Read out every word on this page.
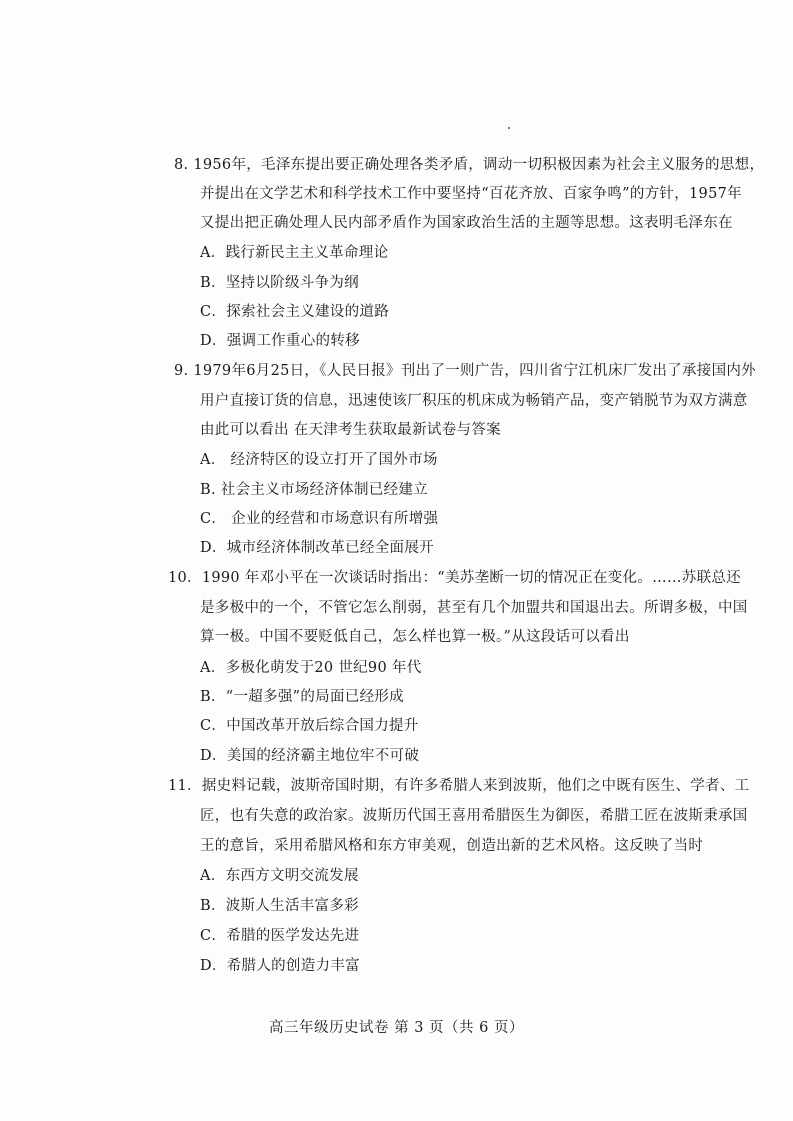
8. 1956年，毛泽东提出要正确处理各类矛盾，调动一切积极因素为社会主义服务的思想，
并提出在文学艺术和科学技术工作中要坚持“百花齐放、百家争鸣”的方针，1957年
又提出把正确处理人民内部矛盾作为国家政治生活的主题等思想。这表明毛泽东在
A．践行新民主主义革命理论
B．坚持以阶级斗争为纲
C．探索社会主义建设的道路
D．强调工作重心的转移
9. 1979年6月25日，《人民日报》刊出了一则广告，四川省宁江机床厂发出了承接国内外
用户直接订货的信息，迅速使该厂积压的机床成为畅销产品，变产销脱节为双方满意
由此可以看出 在天津考生获取最新试卷与答案
A． 经济特区的设立打开了国外市场
B. 社会主义市场经济体制已经建立
C． 企业的经营和市场意识有所增强
D．城市经济体制改革已经全面展开
10．1990 年邓小平在一次谈话时指出：“美苏垄断一切的情况正在变化。……苏联总还
是多极中的一个，不管它怎么削弱，甚至有几个加盟共和国退出去。所谓多极，中国
算一极。中国不要贬低自己，怎么样也算一极。”从这段话可以看出
A．多极化萌发于20 世纪90 年代
B．“一超多强”的局面已经形成
C．中国改革开放后综合国力提升
D．美国的经济霸主地位牢不可破
11．据史料记载，波斯帝国时期，有许多希腊人来到波斯，他们之中既有医生、学者、工
匠，也有失意的政治家。波斯历代国王喜用希腊医生为御医，希腊工匠在波斯秉承国
王的意旨，采用希腊风格和东方审美观，创造出新的艺术风格。这反映了当时
A．东西方文明交流发展
B．波斯人生活丰富多彩
C．希腊的医学发达先进
D．希腊人的创造力丰富
高三年级历史试卷 第 3 页（共 6 页）
